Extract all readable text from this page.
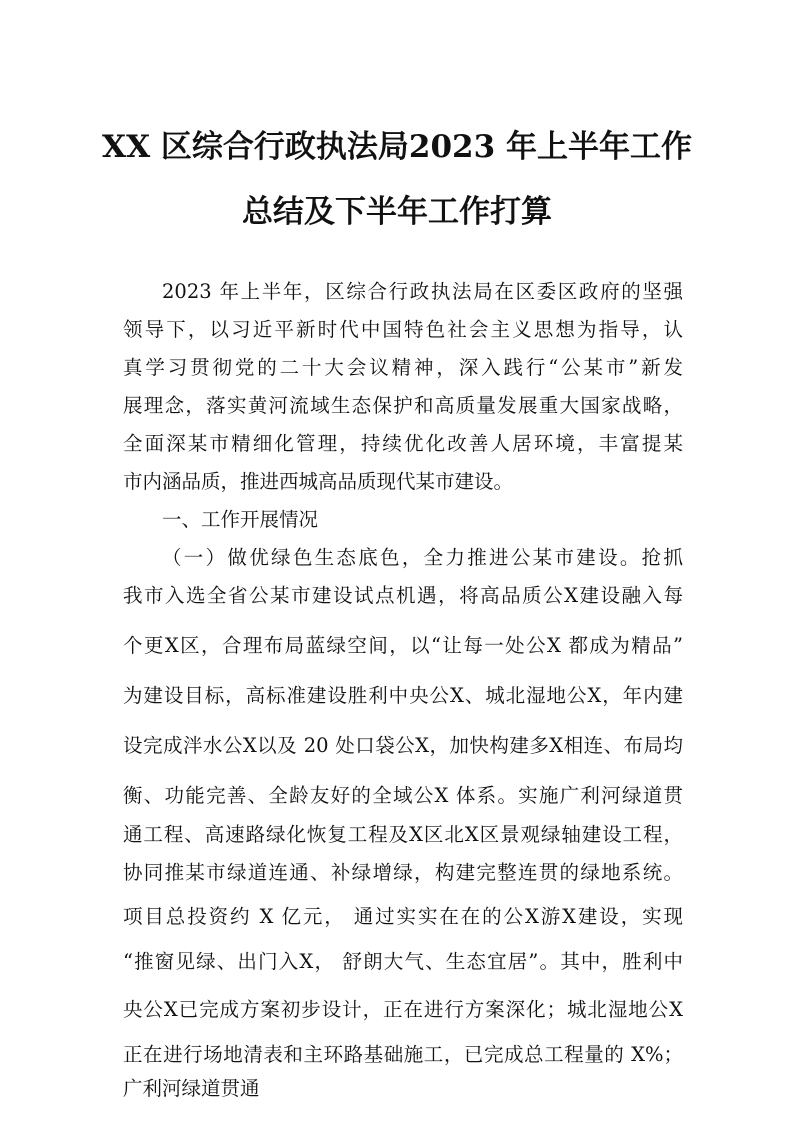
XX 区综合行政执法局2023 年上半年工作
总结及下半年工作打算
2023 年上半年，区综合行政执法局在区委区政府的坚强
领导下，以习近平新时代中国特色社会主义思想为指导，认
真学习贯彻党的二十大会议精神，深入践行“公某市”新发
展理念，落实黄河流域生态保护和高质量发展重大国家战略，
全面深某市精细化管理，持续优化改善人居环境，丰富提某
市内涵品质，推进西城高品质现代某市建设。
一、工作开展情况
（一）做优绿色生态底色，全力推进公某市建设。抢抓
我市入选全省公某市建设试点机遇，将高品质公X建设融入每
个更X区，合理布局蓝绿空间，以“让每一处公X 都成为精品”
为建设目标，高标准建设胜利中央公X、城北湿地公X，年内建
设完成泮水公X以及 20 处口袋公X，加快构建多X相连、布局均
衡、功能完善、全龄友好的全域公X 体系。实施广利河绿道贯
通工程、高速路绿化恢复工程及X区北X区景观绿轴建设工程，
协同推某市绿道连通、补绿增绿，构建完整连贯的绿地系统。
项目总投资约 X 亿元， 通过实实在在的公X游X建设，实现
“推窗见绿、出门入X， 舒朗大气、生态宜居”。其中，胜利中
央公X已完成方案初步设计，正在进行方案深化；城北湿地公X
正在进行场地清表和主环路基础施工，已完成总工程量的 X%；
广利河绿道贯通
